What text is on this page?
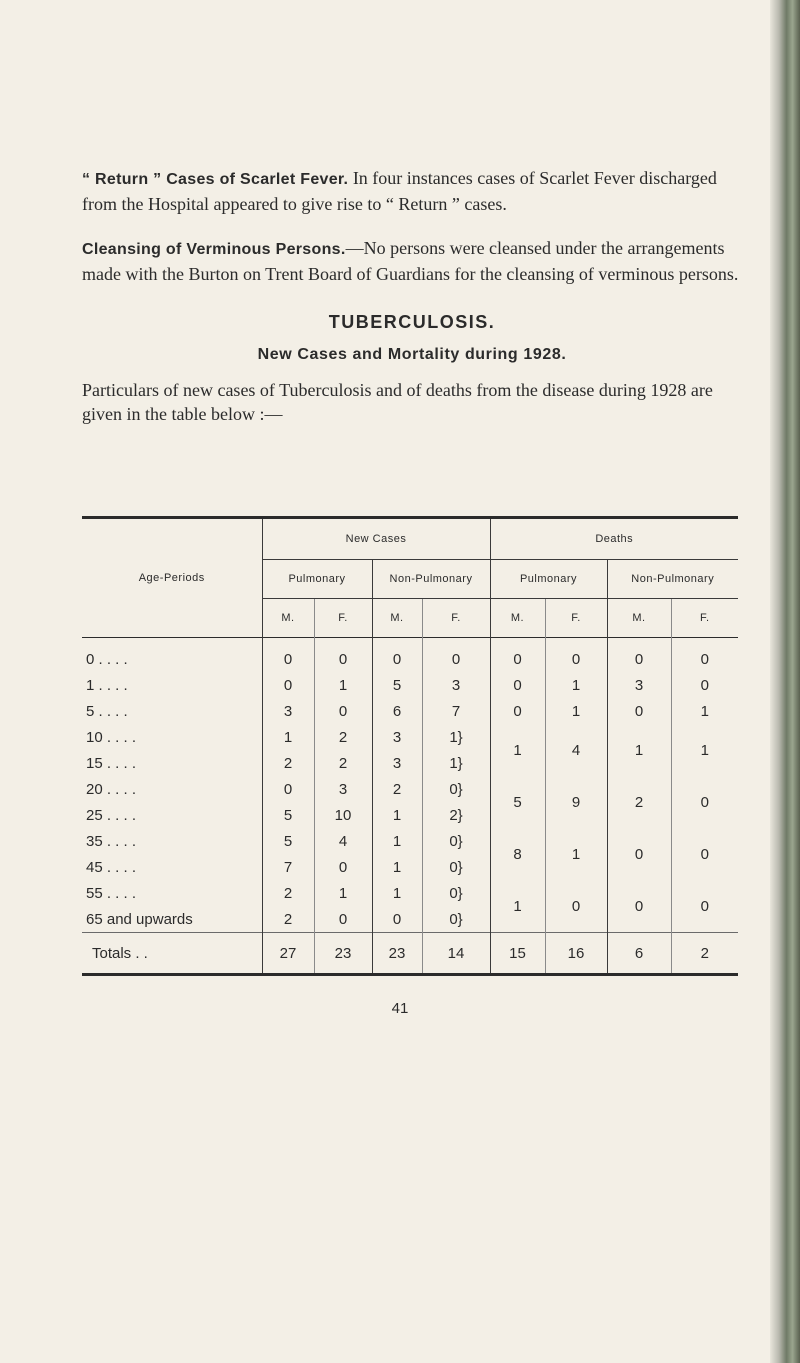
“ Return ” Cases of Scarlet Fever. In four instances cases of Scarlet Fever discharged from the Hospital appeared to give rise to “ Return ” cases.

Cleansing of Verminous Persons.—No persons were cleansed under the arrangements made with the Burton on Trent Board of Guardians for the cleansing of verminous persons.

TUBERCULOSIS.
New Cases and Mortality during 1928.

Particulars of new cases of Tuberculosis and of deaths from the disease during 1928 are given in the table below :—

Age-Periods	New Cases				Deaths			
	Pulmonary		Non-Pulmonary		Pulmonary		Non-Pulmonary	
	M.	F.	M.	F.	M.	F.	M.	F.
0 . . . .	0	0	0	0	0	0	0	0
1 . . . .	0	1	5	3	0	1	3	0
5 . . . .	3	0	6	7	0	1	0	1
10 . . . .	1	2	3	1}	1	4	1	1
15 . . . .	2	2	3	1}				
20 . . . .	0	3	2	0}	5	9	2	0
25 . . . .	5	10	1	2}				
35 . . . .	5	4	1	0}	8	1	0	0
45 . . . .	7	0	1	0}				
55 . . . .	2	1	1	0}	1	0	0	0
65 and upwards	2	0	0	0}				
Totals . .	27	23	23	14	15	16	6	2
41
